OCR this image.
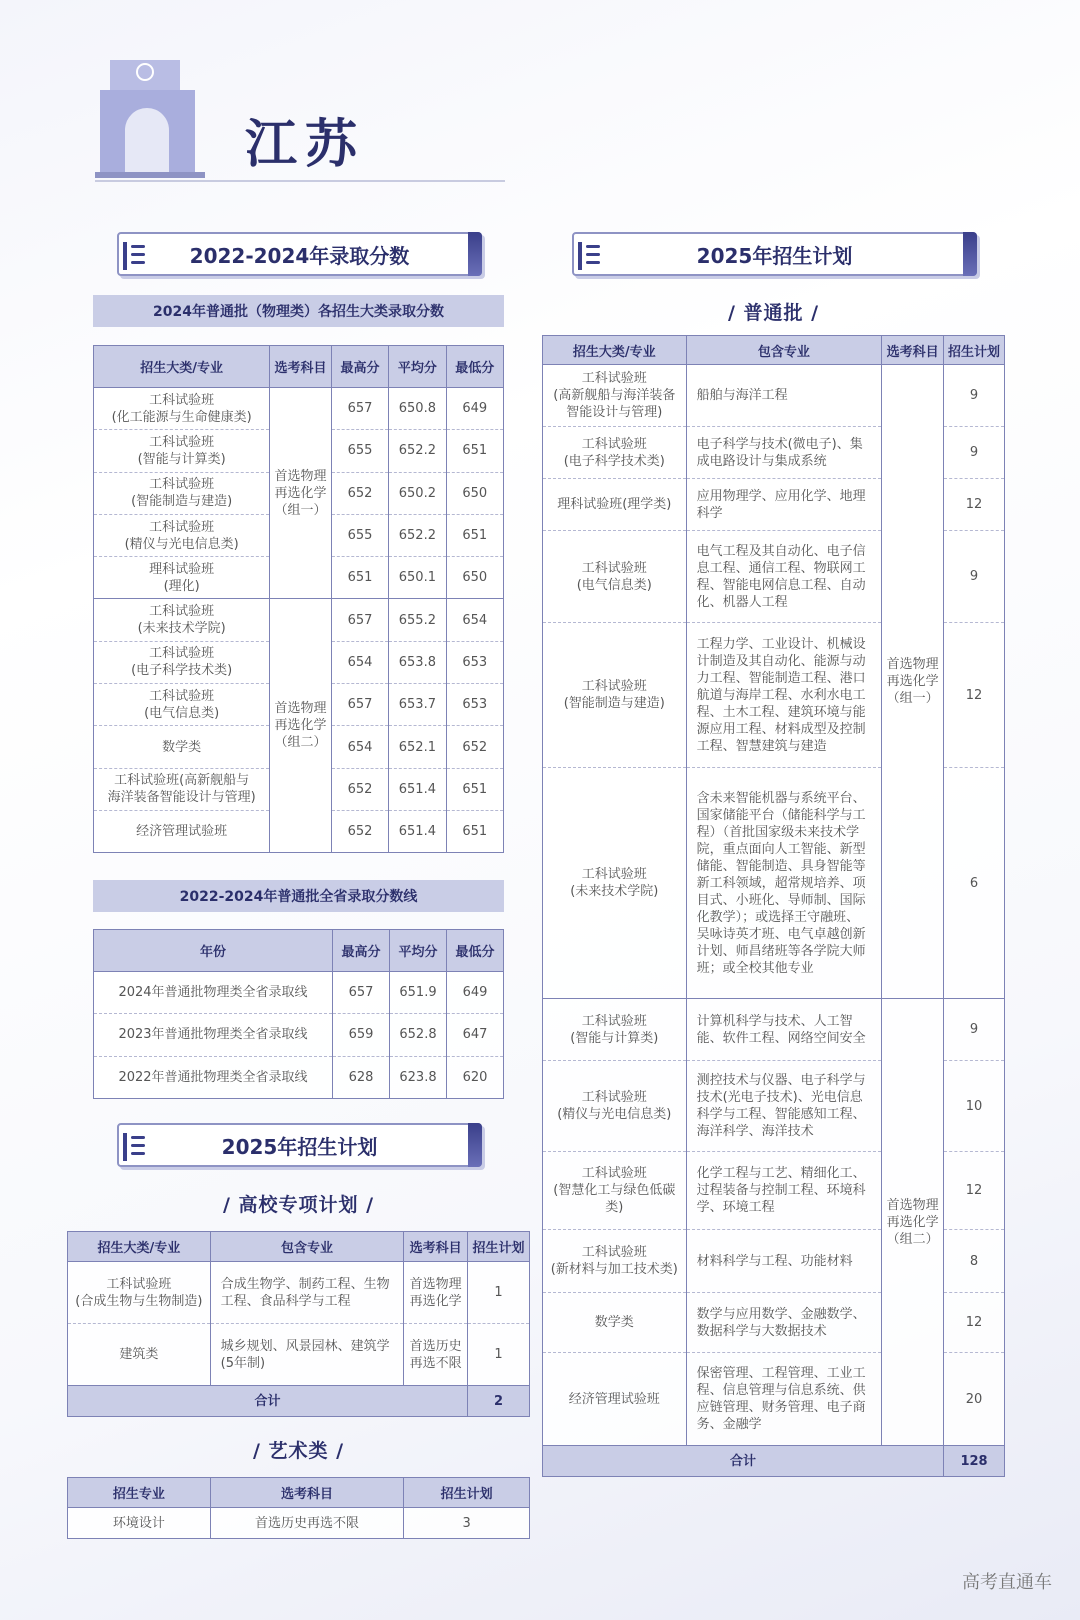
江苏
2022-2024年录取分数
2024年普通批（物理类）各招生大类录取分数
招生大类/专业	选考科目	最高分	平均分	最低分
工科试验班
(化工能源与生命健康类)	首选物理
再选化学
（组一）	657	650.8	649
工科试验班
(智能与计算类)		655	652.2	651
工科试验班
(智能制造与建造)		652	650.2	650
工科试验班
(精仪与光电信息类)		655	652.2	651
理科试验班
(理化)		651	650.1	650
工科试验班
(未来技术学院)	首选物理
再选化学
（组二）	657	655.2	654
工科试验班
(电子科学技术类)		654	653.8	653
工科试验班
(电气信息类)		657	653.7	653
数学类		654	652.1	652
工科试验班(高新舰船与
海洋装备智能设计与管理)		652	651.4	651
经济管理试验班		652	651.4	651
2022-2024年普通批全省录取分数线
年份	最高分	平均分	最低分
2024年普通批物理类全省录取线	657	651.9	649
2023年普通批物理类全省录取线	659	652.8	647
2022年普通批物理类全省录取线	628	623.8	620
2025年招生计划
/ 高校专项计划 /
招生大类/专业	包含专业	选考科目	招生计划
工科试验班
(合成生物与生物制造)	合成生物学、制药工程、生物工程、食品科学与工程	首选物理
再选化学	1
建筑类	城乡规划、风景园林、建筑学(5年制)	首选历史
再选不限	1
合计			2
/ 艺术类 /
招生专业	选考科目	招生计划
环境设计	首选历史再选不限	3
2025年招生计划
/ 普通批 /
招生大类/专业	包含专业	选考科目	招生计划
工科试验班
(高新舰船与海洋装备
智能设计与管理)	船舶与海洋工程	首选物理
再选化学
（组一）	9
工科试验班
(电子科学技术类)	电子科学与技术(微电子)、集成电路设计与集成系统		9
理科试验班(理学类)	应用物理学、应用化学、地理科学		12
工科试验班
(电气信息类)	电气工程及其自动化、电子信息工程、通信工程、物联网工程、智能电网信息工程、自动化、机器人工程		9
工科试验班
(智能制造与建造)	工程力学、工业设计、机械设计制造及其自动化、能源与动力工程、智能制造工程、港口航道与海岸工程、水利水电工程、土木工程、建筑环境与能源应用工程、材料成型及控制工程、智慧建筑与建造		12
工科试验班
(未来技术学院)	含未来智能机器与系统平台、国家储能平台（储能科学与工程）（首批国家级未来技术学院，重点面向人工智能、新型储能、智能制造、具身智能等新工科领域，超常规培养、项目式、小班化、导师制、国际化教学）；或选择王守融班、吴咏诗英才班、电气卓越创新计划、师昌绪班等各学院大师班；或全校其他专业		6
工科试验班
(智能与计算类)	计算机科学与技术、人工智能、软件工程、网络空间安全	首选物理
再选化学
（组二）	9
工科试验班
(精仪与光电信息类)	测控技术与仪器、电子科学与技术(光电子技术)、光电信息科学与工程、智能感知工程、海洋科学、海洋技术		10
工科试验班
(智慧化工与绿色低碳类)	化学工程与工艺、精细化工、过程装备与控制工程、环境科学、环境工程		12
工科试验班
(新材料与加工技术类)	材料科学与工程、功能材料		8
数学类	数学与应用数学、金融数学、数据科学与大数据技术		12
经济管理试验班	保密管理、工程管理、工业工程、信息管理与信息系统、供应链管理、财务管理、电子商务、金融学		20
合计			128
高考直通车
